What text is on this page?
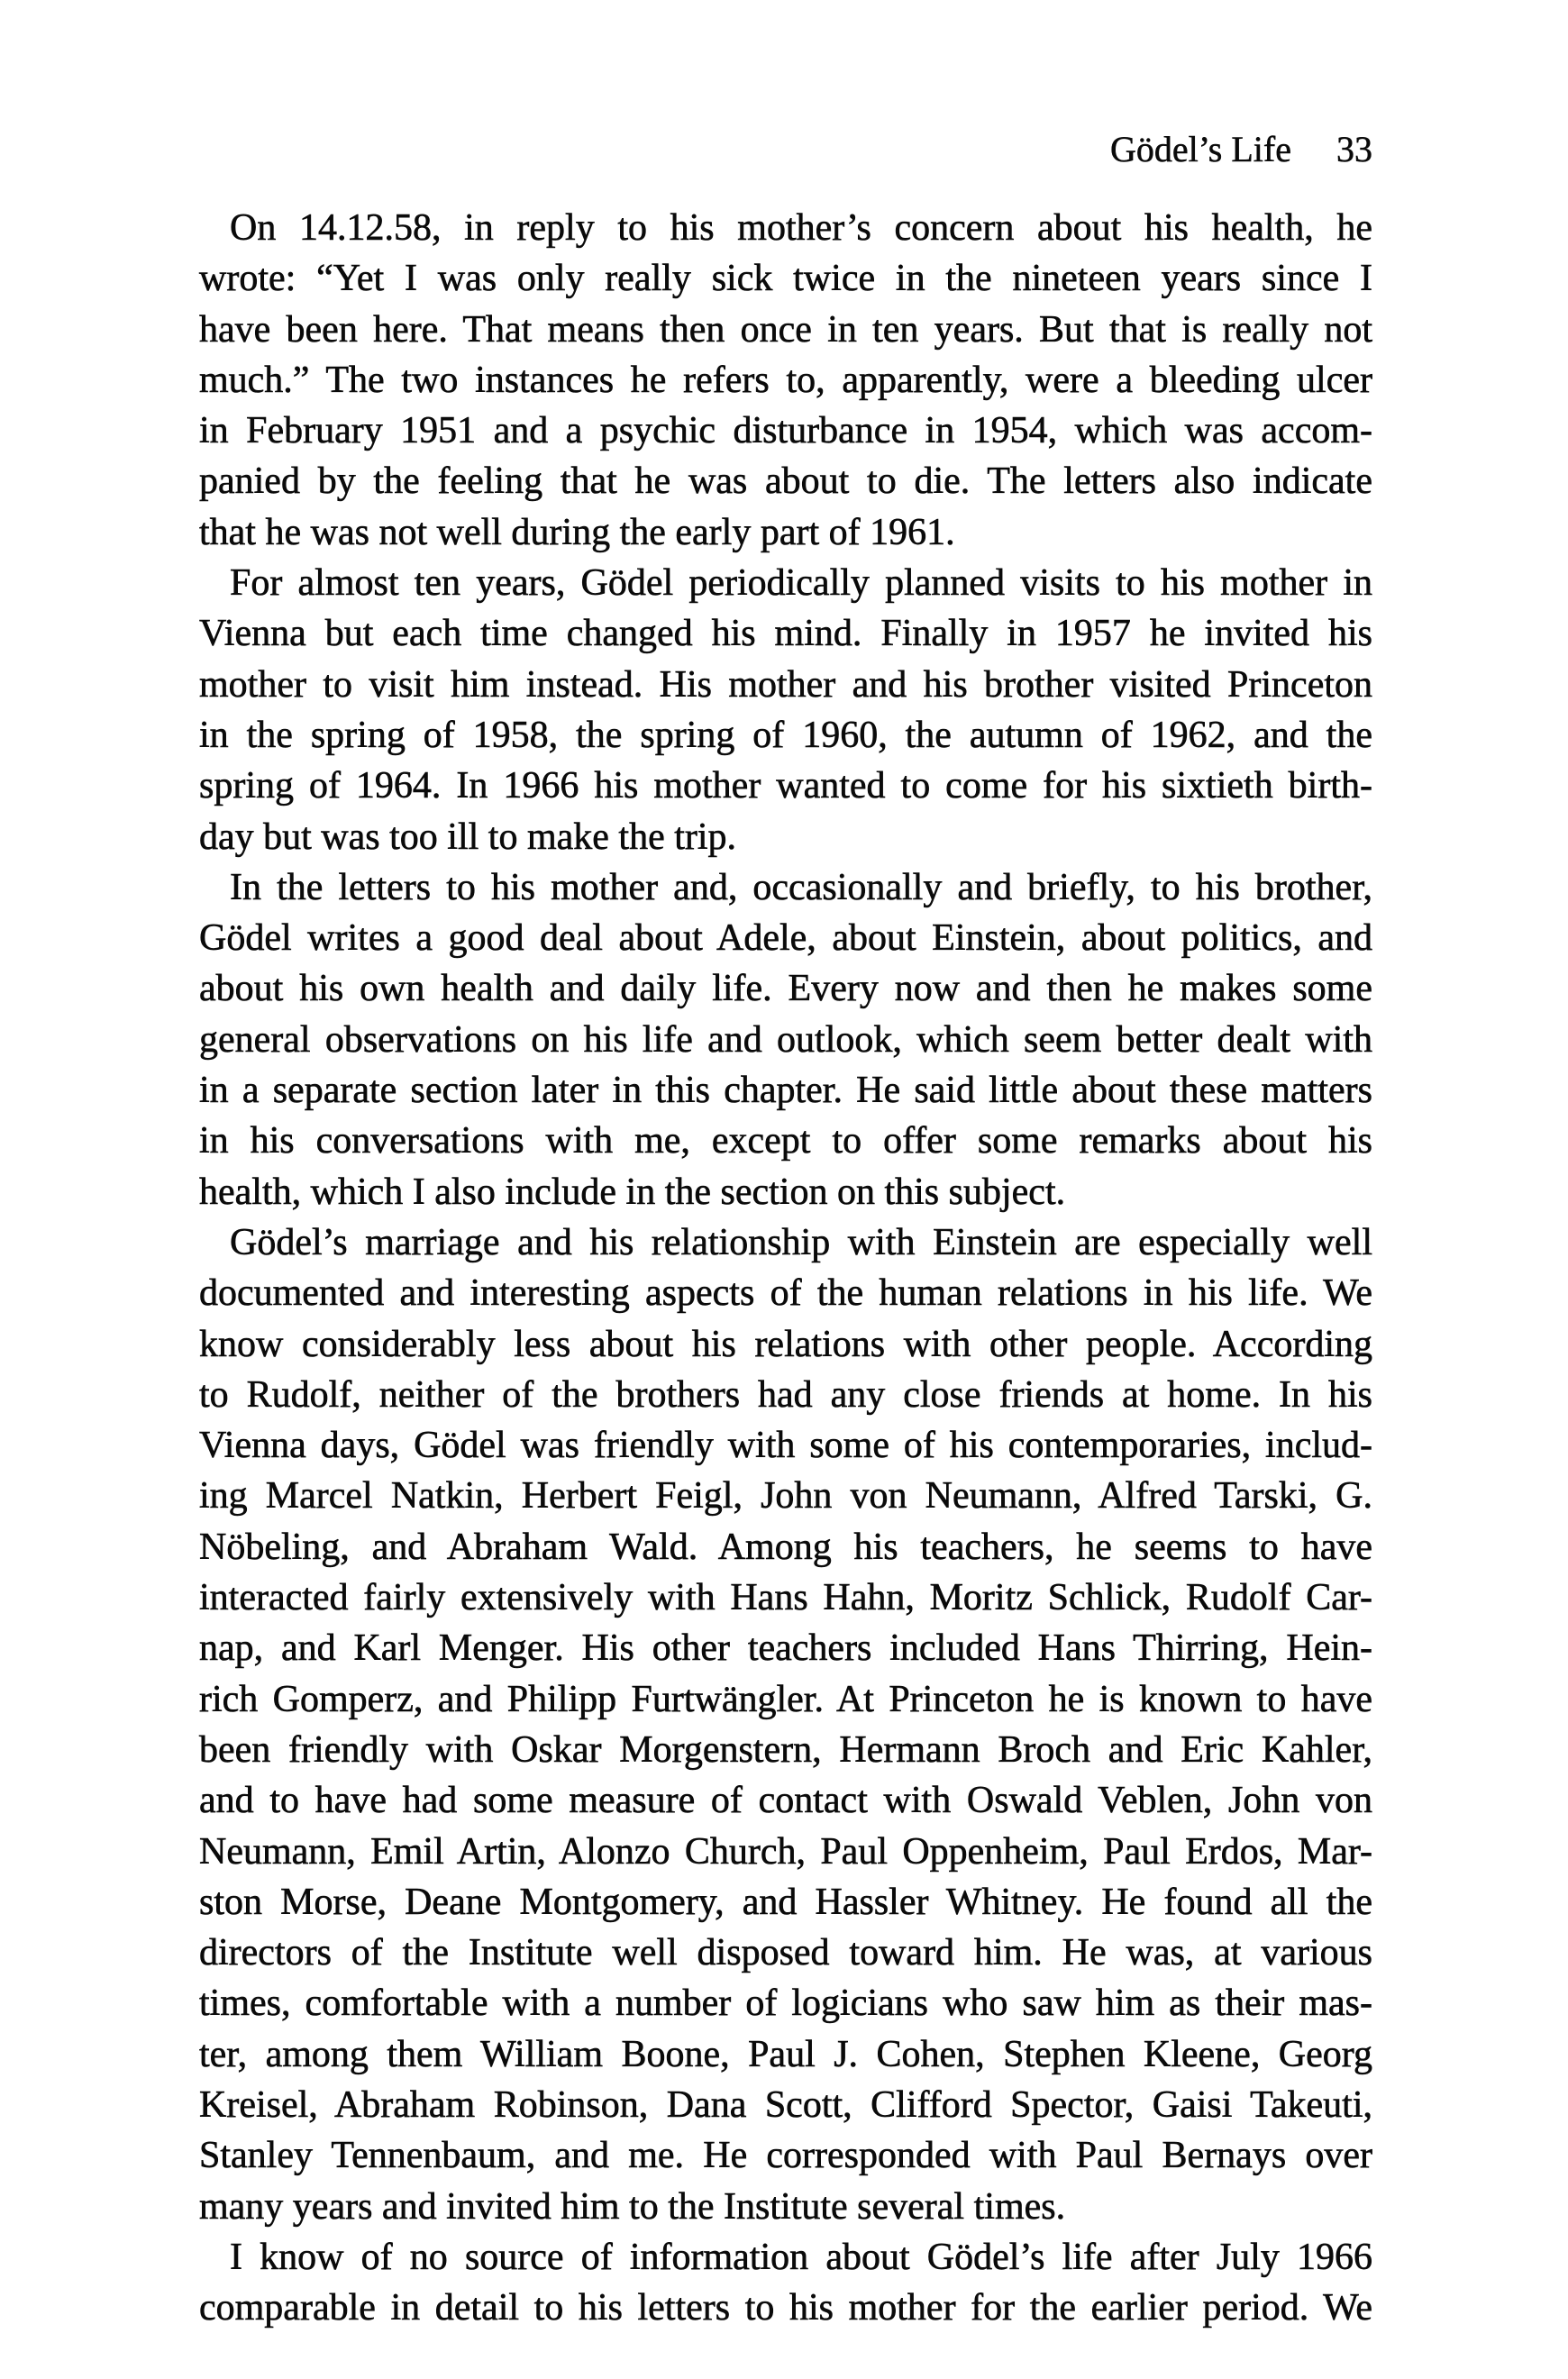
Gödel’s Life 33
On 14.12.58, in reply to his mother’s concern about his health, he
wrote: “Yet I was only really sick twice in the nineteen years since I
have been here. That means then once in ten years. But that is really not
much.” The two instances he refers to, apparently, were a bleeding ulcer
in February 1951 and a psychic disturbance in 1954, which was accom-
panied by the feeling that he was about to die. The letters also indicate
that he was not well during the early part of 1961.
For almost ten years, Gödel periodically planned visits to his mother in
Vienna but each time changed his mind. Finally in 1957 he invited his
mother to visit him instead. His mother and his brother visited Princeton
in the spring of 1958, the spring of 1960, the autumn of 1962, and the
spring of 1964. In 1966 his mother wanted to come for his sixtieth birth-
day but was too ill to make the trip.
In the letters to his mother and, occasionally and briefly, to his brother,
Gödel writes a good deal about Adele, about Einstein, about politics, and
about his own health and daily life. Every now and then he makes some
general observations on his life and outlook, which seem better dealt with
in a separate section later in this chapter. He said little about these matters
in his conversations with me, except to offer some remarks about his
health, which I also include in the section on this subject.
Gödel’s marriage and his relationship with Einstein are especially well
documented and interesting aspects of the human relations in his life. We
know considerably less about his relations with other people. According
to Rudolf, neither of the brothers had any close friends at home. In his
Vienna days, Gödel was friendly with some of his contemporaries, includ-
ing Marcel Natkin, Herbert Feigl, John von Neumann, Alfred Tarski, G.
Nöbeling, and Abraham Wald. Among his teachers, he seems to have
interacted fairly extensively with Hans Hahn, Moritz Schlick, Rudolf Car-
nap, and Karl Menger. His other teachers included Hans Thirring, Hein-
rich Gomperz, and Philipp Furtwängler. At Princeton he is known to have
been friendly with Oskar Morgenstern, Hermann Broch and Eric Kahler,
and to have had some measure of contact with Oswald Veblen, John von
Neumann, Emil Artin, Alonzo Church, Paul Oppenheim, Paul Erdos, Mar-
ston Morse, Deane Montgomery, and Hassler Whitney. He found all the
directors of the Institute well disposed toward him. He was, at various
times, comfortable with a number of logicians who saw him as their mas-
ter, among them William Boone, Paul J. Cohen, Stephen Kleene, Georg
Kreisel, Abraham Robinson, Dana Scott, Clifford Spector, Gaisi Takeuti,
Stanley Tennenbaum, and me. He corresponded with Paul Bernays over
many years and invited him to the Institute several times.
I know of no source of information about Gödel’s life after July 1966
comparable in detail to his letters to his mother for the earlier period. We
